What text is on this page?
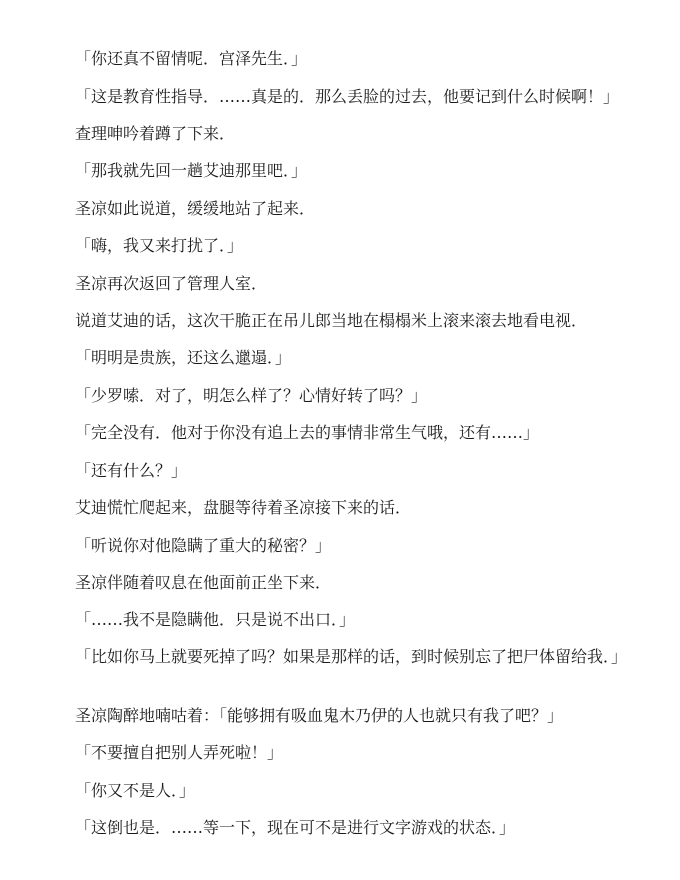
「你还真不留情呢．宫泽先生．」

「这是教育性指导．……真是的．那么丢脸的过去，他要记到什么时候啊！」

查理呻吟着蹲了下来．

「那我就先回一趟艾迪那里吧．」

圣凉如此说道，缓缓地站了起来．

「嗨，我又来打扰了．」

圣凉再次返回了管理人室．

说道艾迪的话，这次干脆正在吊儿郎当地在榻榻米上滚来滚去地看电视．

「明明是贵族，还这么邋遢．」

「少罗嗦．对了，明怎么样了？心情好转了吗？」

「完全没有．他对于你没有追上去的事情非常生气哦，还有……」

「还有什么？」

艾迪慌忙爬起来，盘腿等待着圣凉接下来的话．

「听说你对他隐瞒了重大的秘密？」

圣凉伴随着叹息在他面前正坐下来．

「……我不是隐瞒他．只是说不出口．」

「比如你马上就要死掉了吗？如果是那样的话，到时候别忘了把尸体留给我．」

圣凉陶醉地喃咕着：「能够拥有吸血鬼木乃伊的人也就只有我了吧？」

「不要擅自把别人弄死啦！」

「你又不是人．」

「这倒也是．……等一下，现在可不是进行文字游戏的状态．」
